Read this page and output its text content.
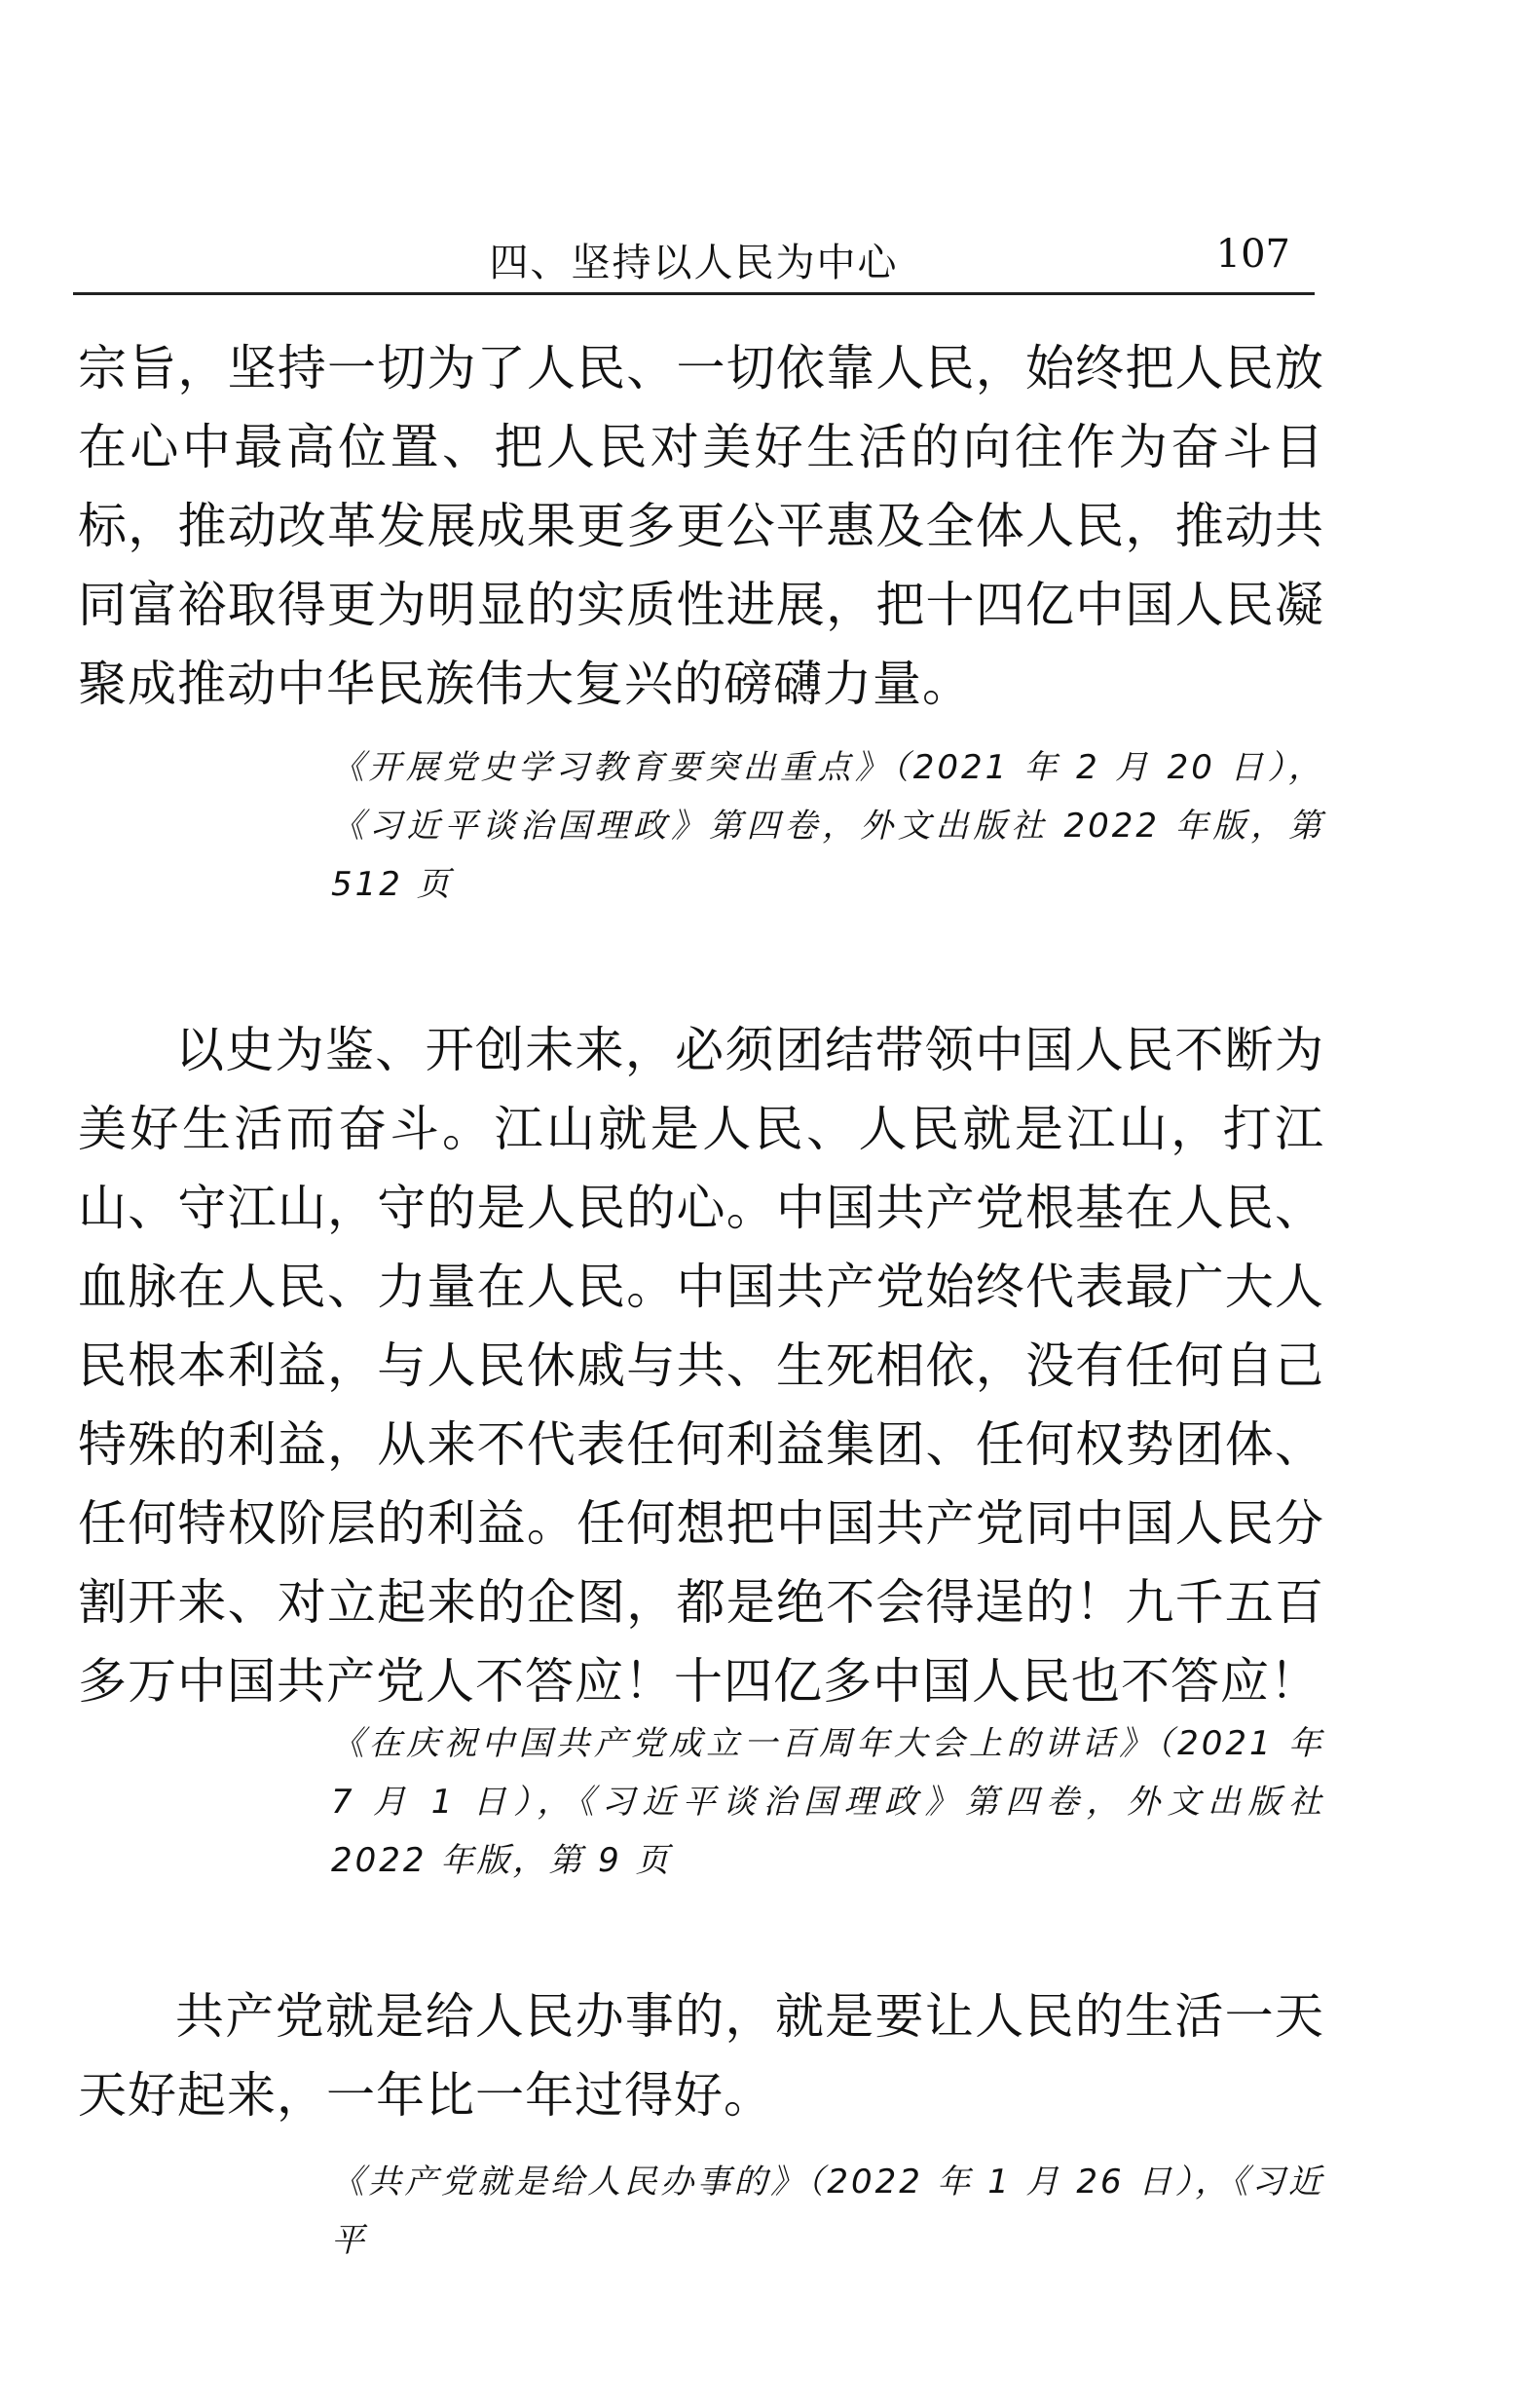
四、坚持以人民为中心	107

宗旨，坚持一切为了人民、一切依靠人民，始终把人民放在心中最高位置、把人民对美好生活的向往作为奋斗目标，推动改革发展成果更多更公平惠及全体人民，推动共同富裕取得更为明显的实质性进展，把十四亿中国人民凝聚成推动中华民族伟大复兴的磅礴力量。

《开展党史学习教育要突出重点》（2021 年 2 月 20 日），《习近平谈治国理政》第四卷，外文出版社 2022 年版，第 512 页

以史为鉴、开创未来，必须团结带领中国人民不断为美好生活而奋斗。江山就是人民、人民就是江山，打江山、守江山，守的是人民的心。中国共产党根基在人民、血脉在人民、力量在人民。中国共产党始终代表最广大人民根本利益，与人民休戚与共、生死相依，没有任何自己特殊的利益，从来不代表任何利益集团、任何权势团体、任何特权阶层的利益。任何想把中国共产党同中国人民分割开来、对立起来的企图，都是绝不会得逞的！九千五百多万中国共产党人不答应！十四亿多中国人民也不答应！

《在庆祝中国共产党成立一百周年大会上的讲话》（2021 年 7 月 1 日），《习近平谈治国理政》第四卷，外文出版社 2022 年版，第 9 页

共产党就是给人民办事的，就是要让人民的生活一天天好起来，一年比一年过得好。

《共产党就是给人民办事的》（2022 年 1 月 26 日），《习近平
